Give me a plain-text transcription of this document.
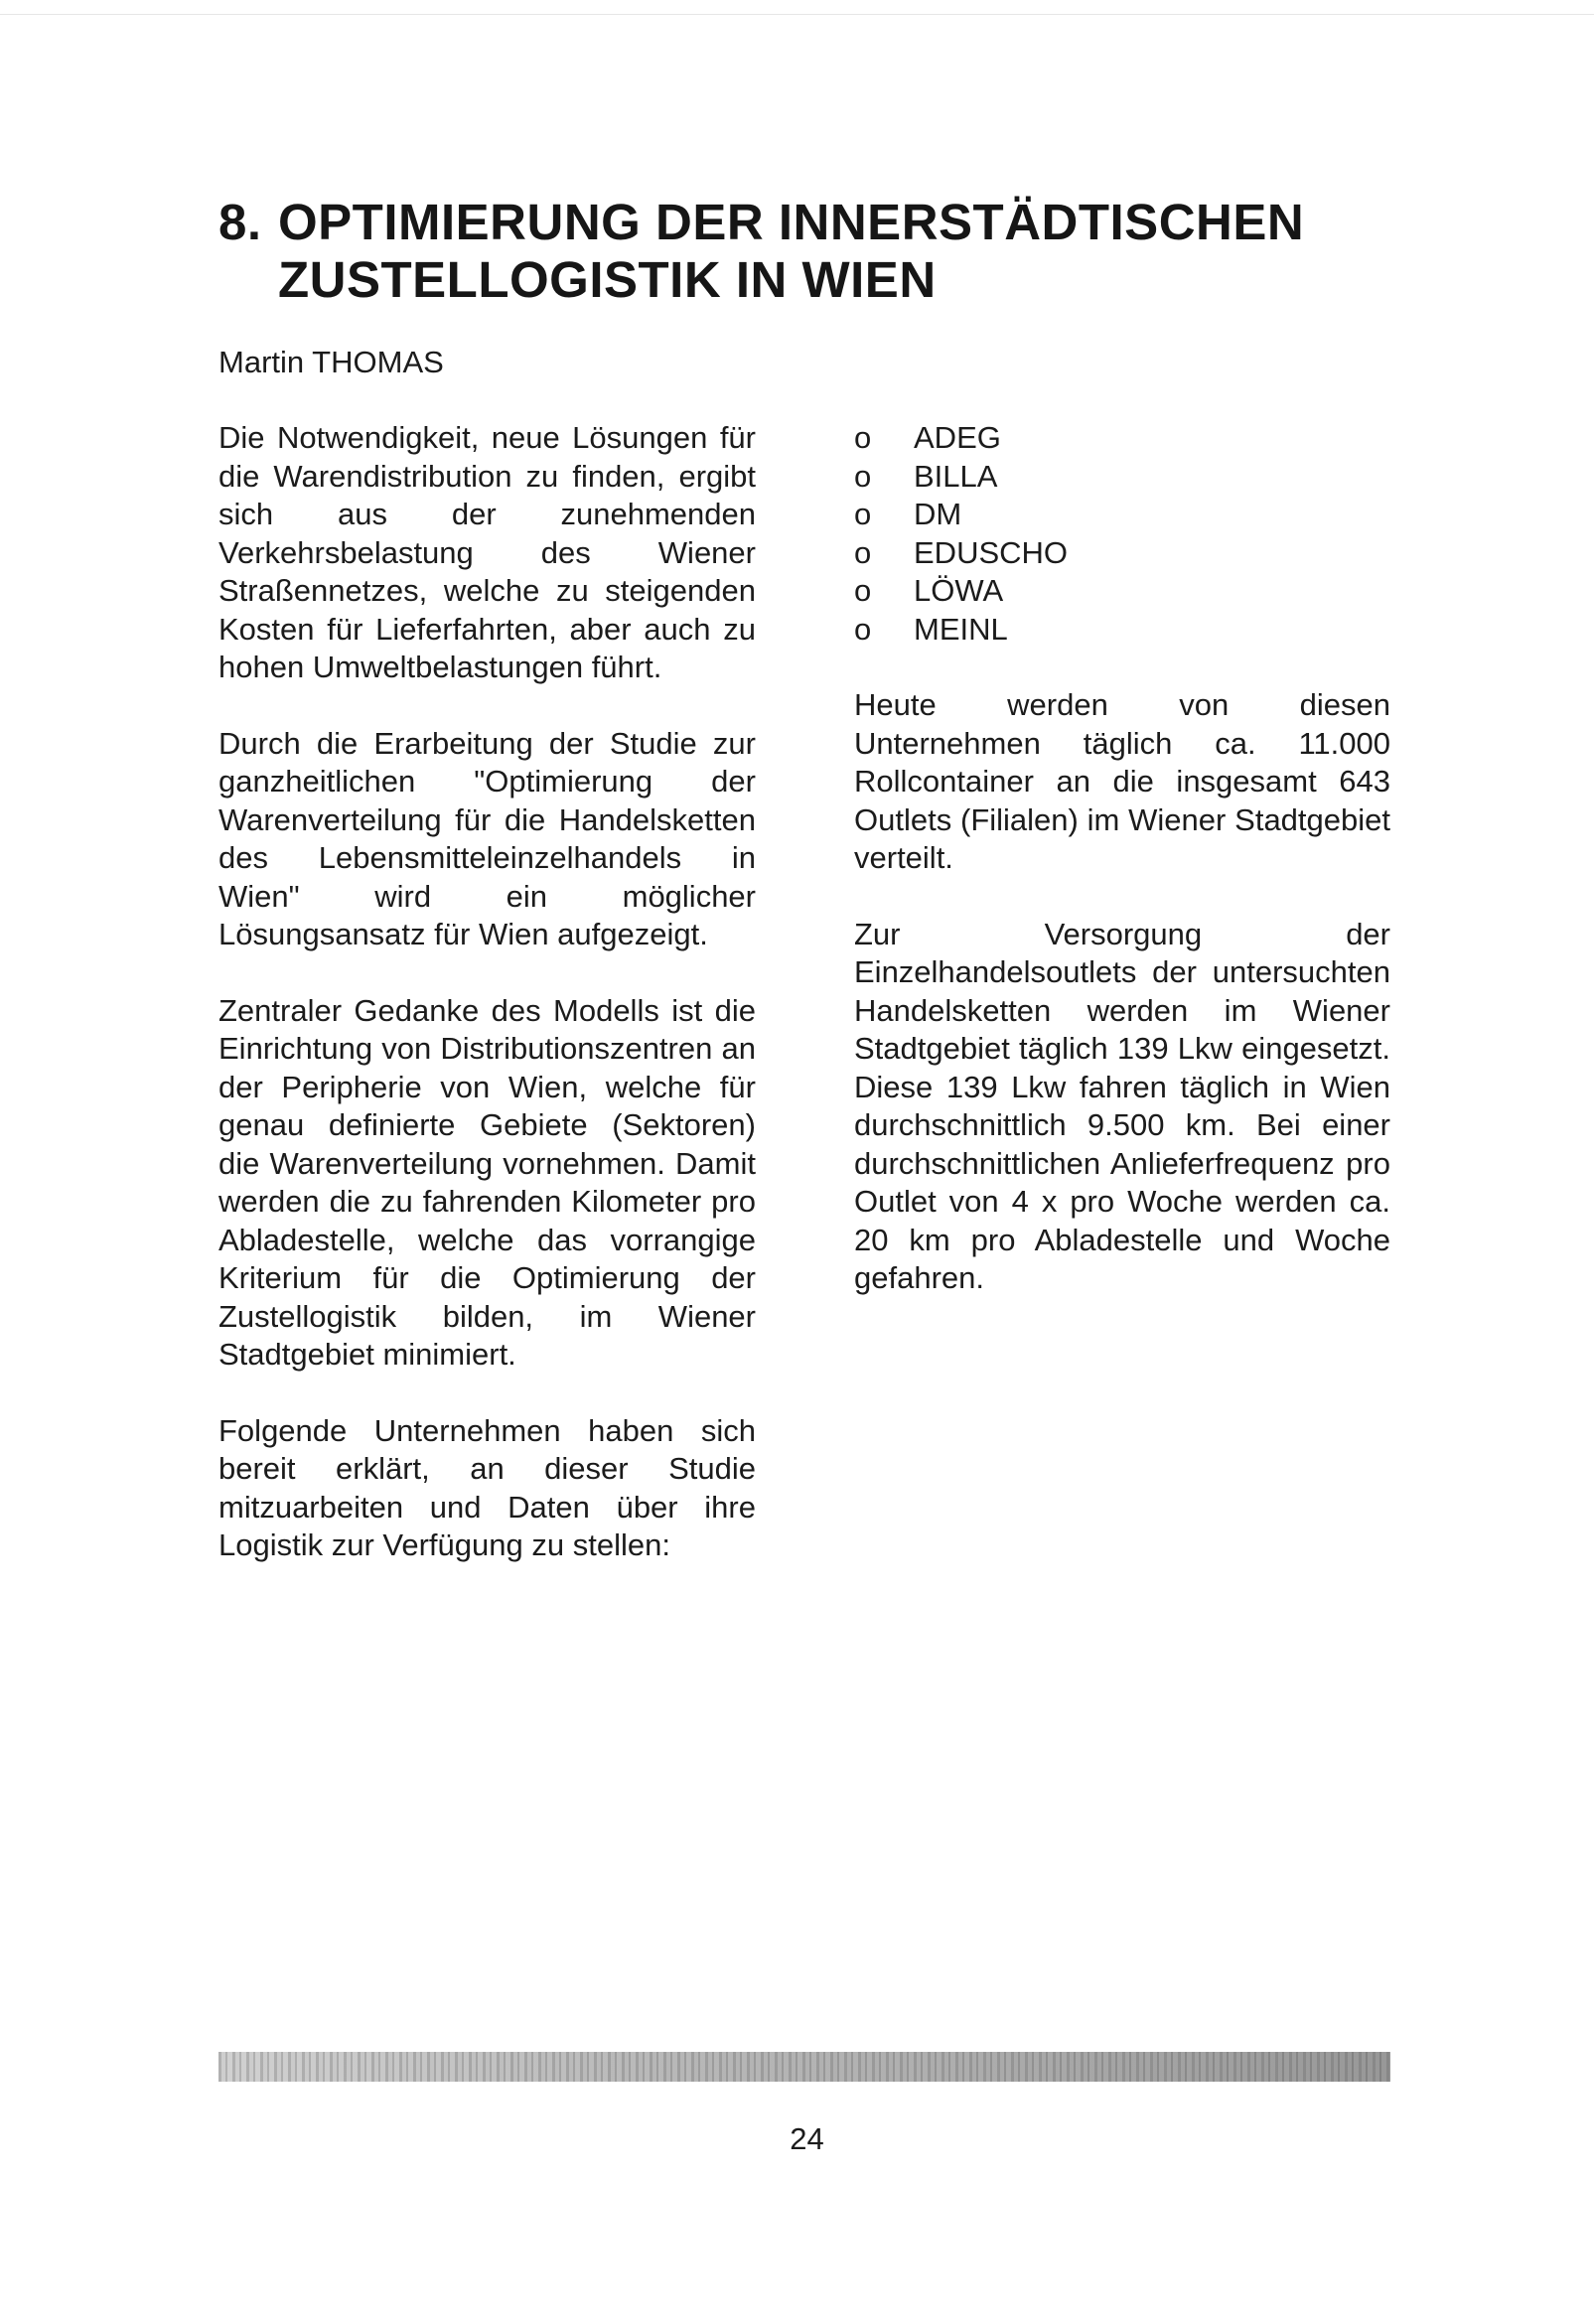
8. OPTIMIERUNG DER INNERSTÄDTISCHEN
ZUSTELLOGISTIK IN WIEN
Martin THOMAS

Die Notwendigkeit, neue Lösungen für die Warendistribution zu finden, ergibt sich aus der zunehmenden Verkehrsbelastung des Wiener Straßennetzes, welche zu steigenden Kosten für Lieferfahrten, aber auch zu hohen Umweltbelastungen führt.

Durch die Erarbeitung der Studie zur ganzheitlichen "Optimierung der Warenverteilung für die Handelsketten des Lebensmitteleinzelhandels in Wien" wird ein möglicher Lösungsansatz für Wien aufgezeigt.

Zentraler Gedanke des Modells ist die Einrichtung von Distributionszentren an der Peripherie von Wien, welche für genau definierte Gebiete (Sektoren) die Warenverteilung vornehmen. Damit werden die zu fahrenden Kilometer pro Abladestelle, welche das vorrangige Kriterium für die Optimierung der Zustellogistik bilden, im Wiener Stadtgebiet minimiert.

Folgende Unternehmen haben sich bereit erklärt, an dieser Studie mitzuarbeiten und Daten über ihre Logistik zur Verfügung zu stellen:

o	ADEG
o	BILLA
o	DM
o	EDUSCHO
o	LÖWA
o	MEINL

Heute werden von diesen Unternehmen täglich ca. 11.000 Rollcontainer an die insgesamt 643 Outlets (Filialen) im Wiener Stadtgebiet verteilt.

Zur Versorgung der Einzelhandelsoutlets der untersuchten Handelsketten werden im Wiener Stadtgebiet täglich 139 Lkw eingesetzt. Diese 139 Lkw fahren täglich in Wien durchschnittlich 9.500 km. Bei einer durchschnittlichen Anlieferfrequenz pro Outlet von 4 x pro Woche werden ca. 20 km pro Abladestelle und Woche gefahren.

24
